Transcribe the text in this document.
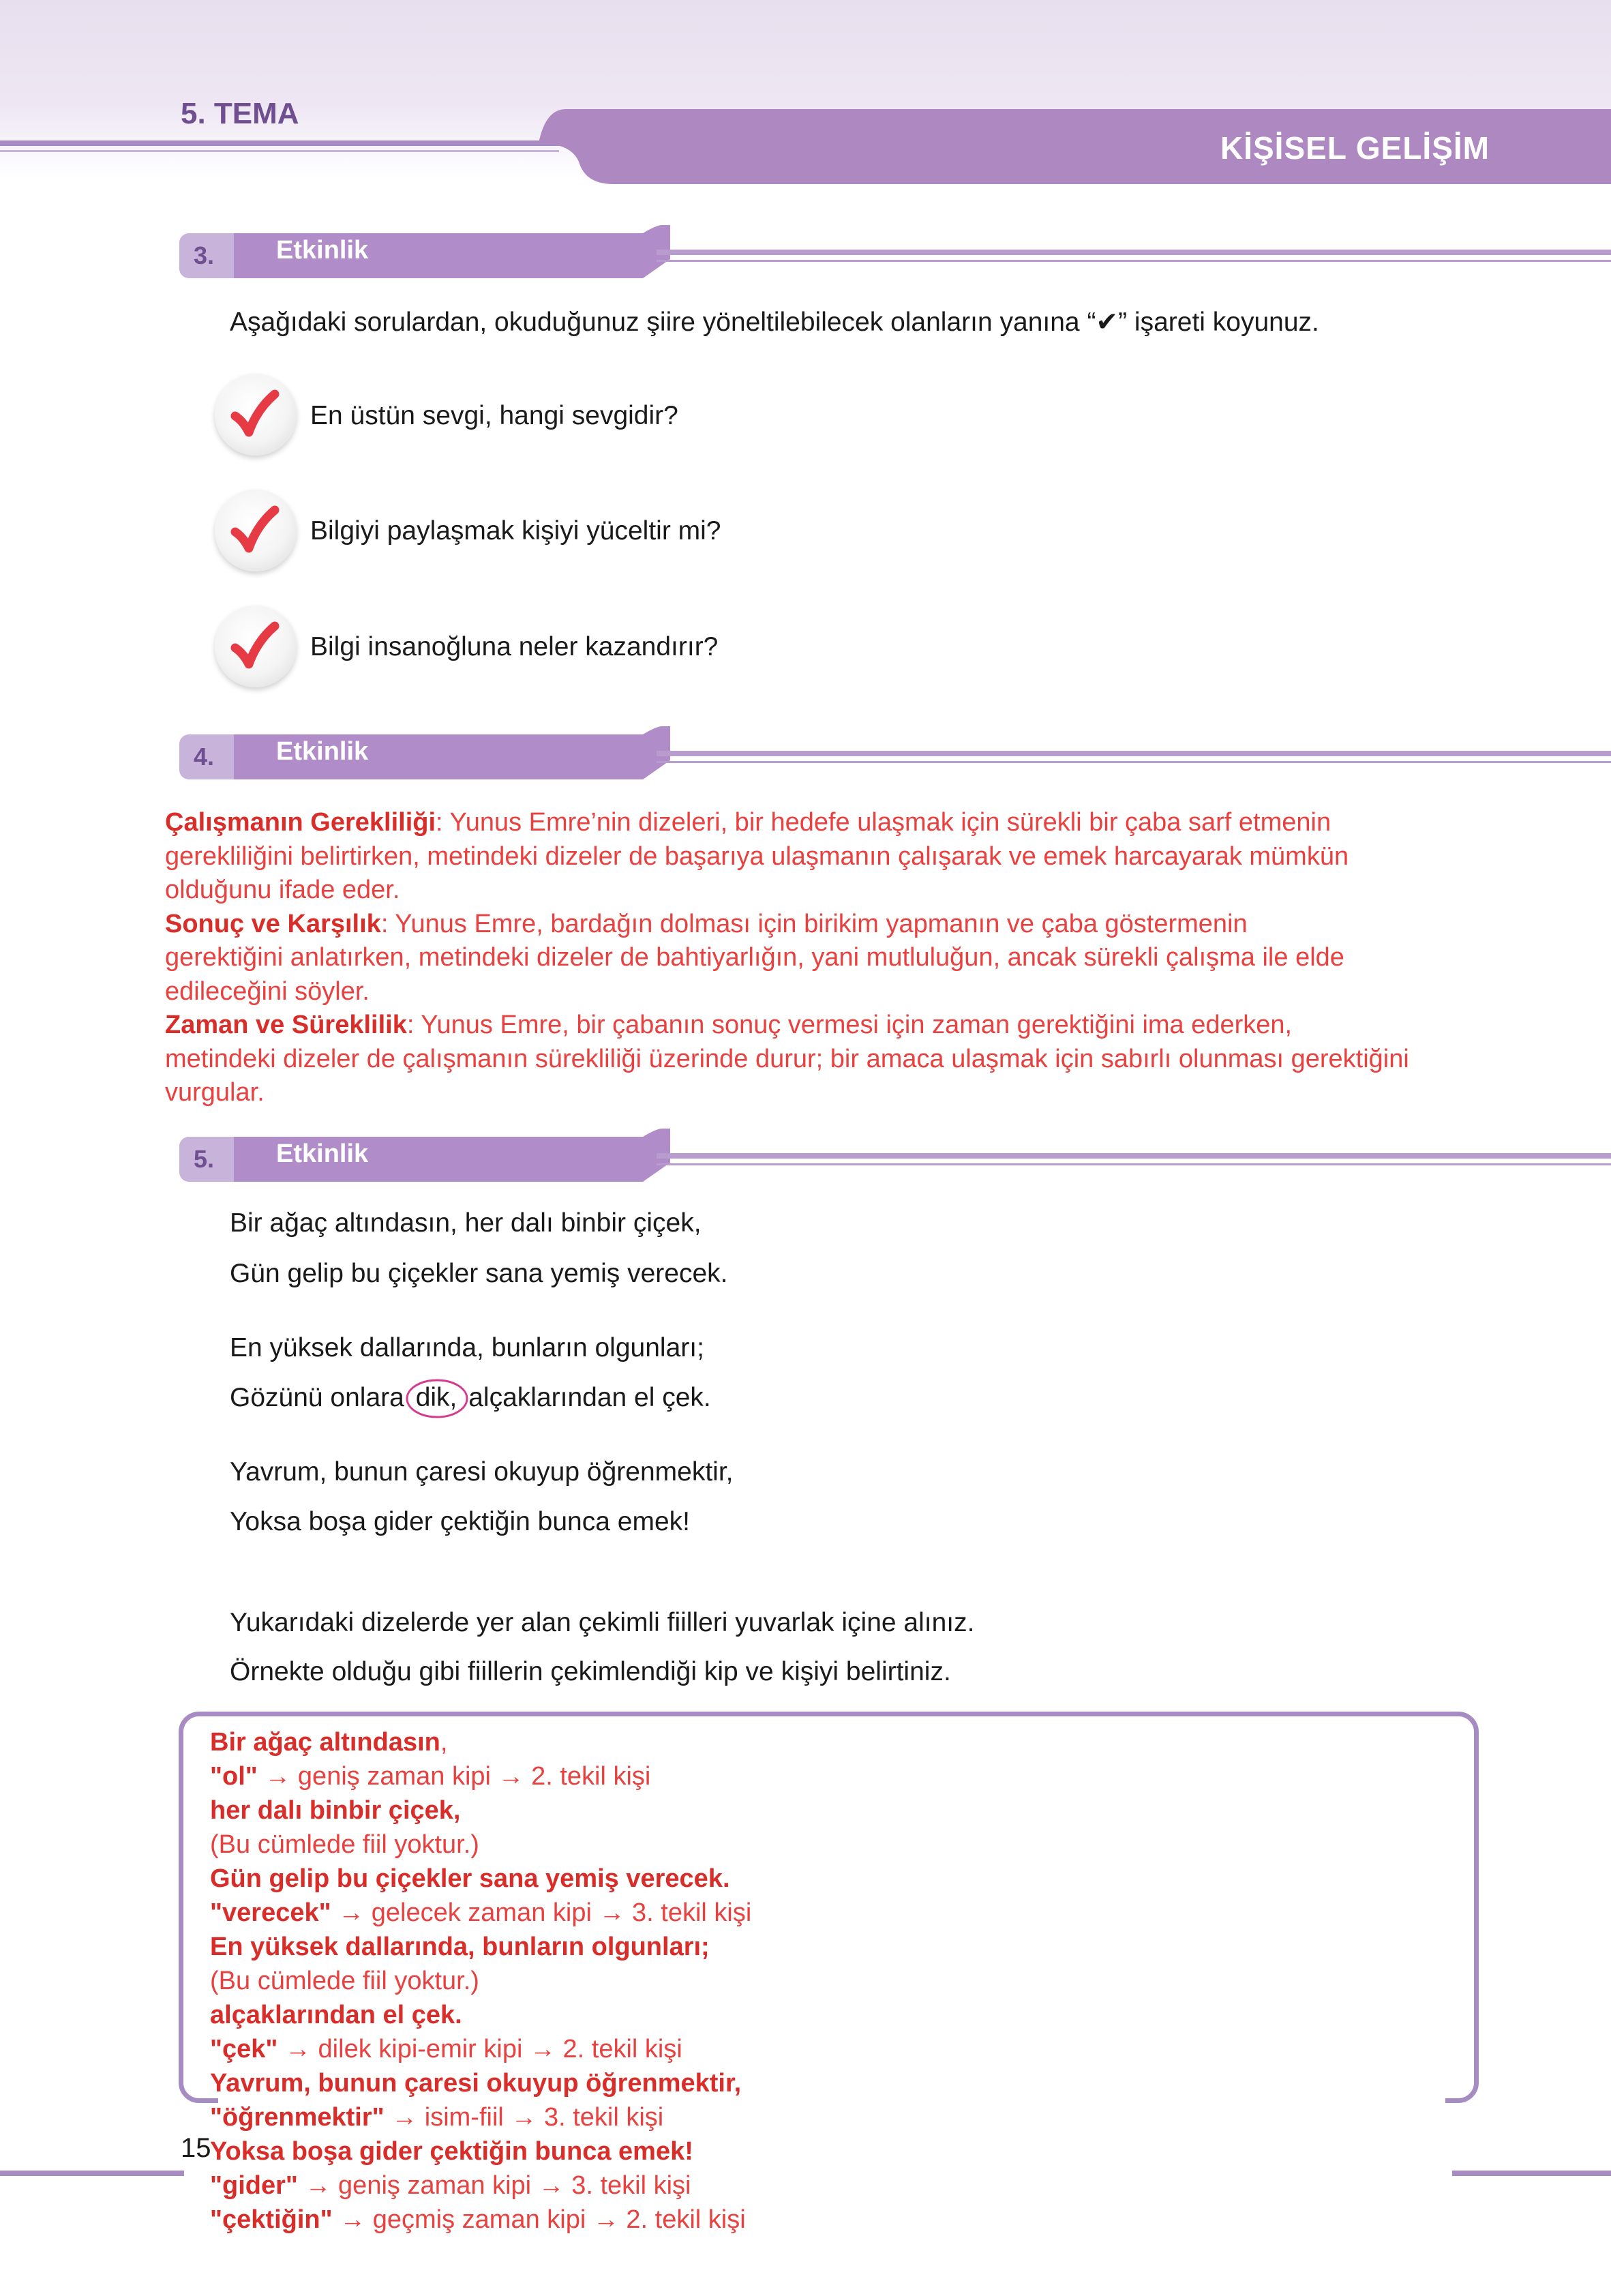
5. TEMA
KİŞİSEL GELİŞİM
3.	Etkinlik
Aşağıdaki sorulardan, okuduğunuz şiire yöneltilebilecek olanların yanına “✔” işareti koyunuz.
En üstün sevgi, hangi sevgidir?
Bilgiyi paylaşmak kişiyi yüceltir mi?
Bilgi insanoğluna neler kazandırır?
4.	Etkinlik
Çalışmanın Gerekliliği: Yunus Emre’nin dizeleri, bir hedefe ulaşmak için sürekli bir çaba sarf etmenin
gerekliliğini belirtirken, metindeki dizeler de başarıya ulaşmanın çalışarak ve emek harcayarak mümkün
olduğunu ifade eder.
Sonuç ve Karşılık: Yunus Emre, bardağın dolması için birikim yapmanın ve çaba göstermenin
gerektiğini anlatırken, metindeki dizeler de bahtiyarlığın, yani mutluluğun, ancak sürekli çalışma ile elde
edileceğini söyler.
Zaman ve Süreklilik: Yunus Emre, bir çabanın sonuç vermesi için zaman gerektiğini ima ederken,
metindeki dizeler de çalışmanın sürekliliği üzerinde durur; bir amaca ulaşmak için sabırlı olunması gerektiğini
vurgular.
5.	Etkinlik
Bir ağaç altındasın, her dalı binbir çiçek,
Gün gelip bu çiçekler sana yemiş verecek.
En yüksek dallarında, bunların olgunları;
Gözünü onlara dik, alçaklarından el çek.
Yavrum, bunun çaresi okuyup öğrenmektir,
Yoksa boşa gider çektiğin bunca emek!
Yukarıdaki dizelerde yer alan çekimli fiilleri yuvarlak içine alınız.
Örnekte olduğu gibi fiillerin çekimlendiği kip ve kişiyi belirtiniz.
Bir ağaç altındasın,
"ol" → geniş zaman kipi → 2. tekil kişi
her dalı binbir çiçek,
(Bu cümlede fiil yoktur.)
Gün gelip bu çiçekler sana yemiş verecek.
"verecek" → gelecek zaman kipi → 3. tekil kişi
En yüksek dallarında, bunların olgunları;
(Bu cümlede fiil yoktur.)
alçaklarından el çek.
"çek" → dilek kipi-emir kipi → 2. tekil kişi
Yavrum, bunun çaresi okuyup öğrenmektir,
"öğrenmektir" → isim-fiil → 3. tekil kişi
Yoksa boşa gider çektiğin bunca emek!
"gider" → geniş zaman kipi → 3. tekil kişi
"çektiğin" → geçmiş zaman kipi → 2. tekil kişi
15
